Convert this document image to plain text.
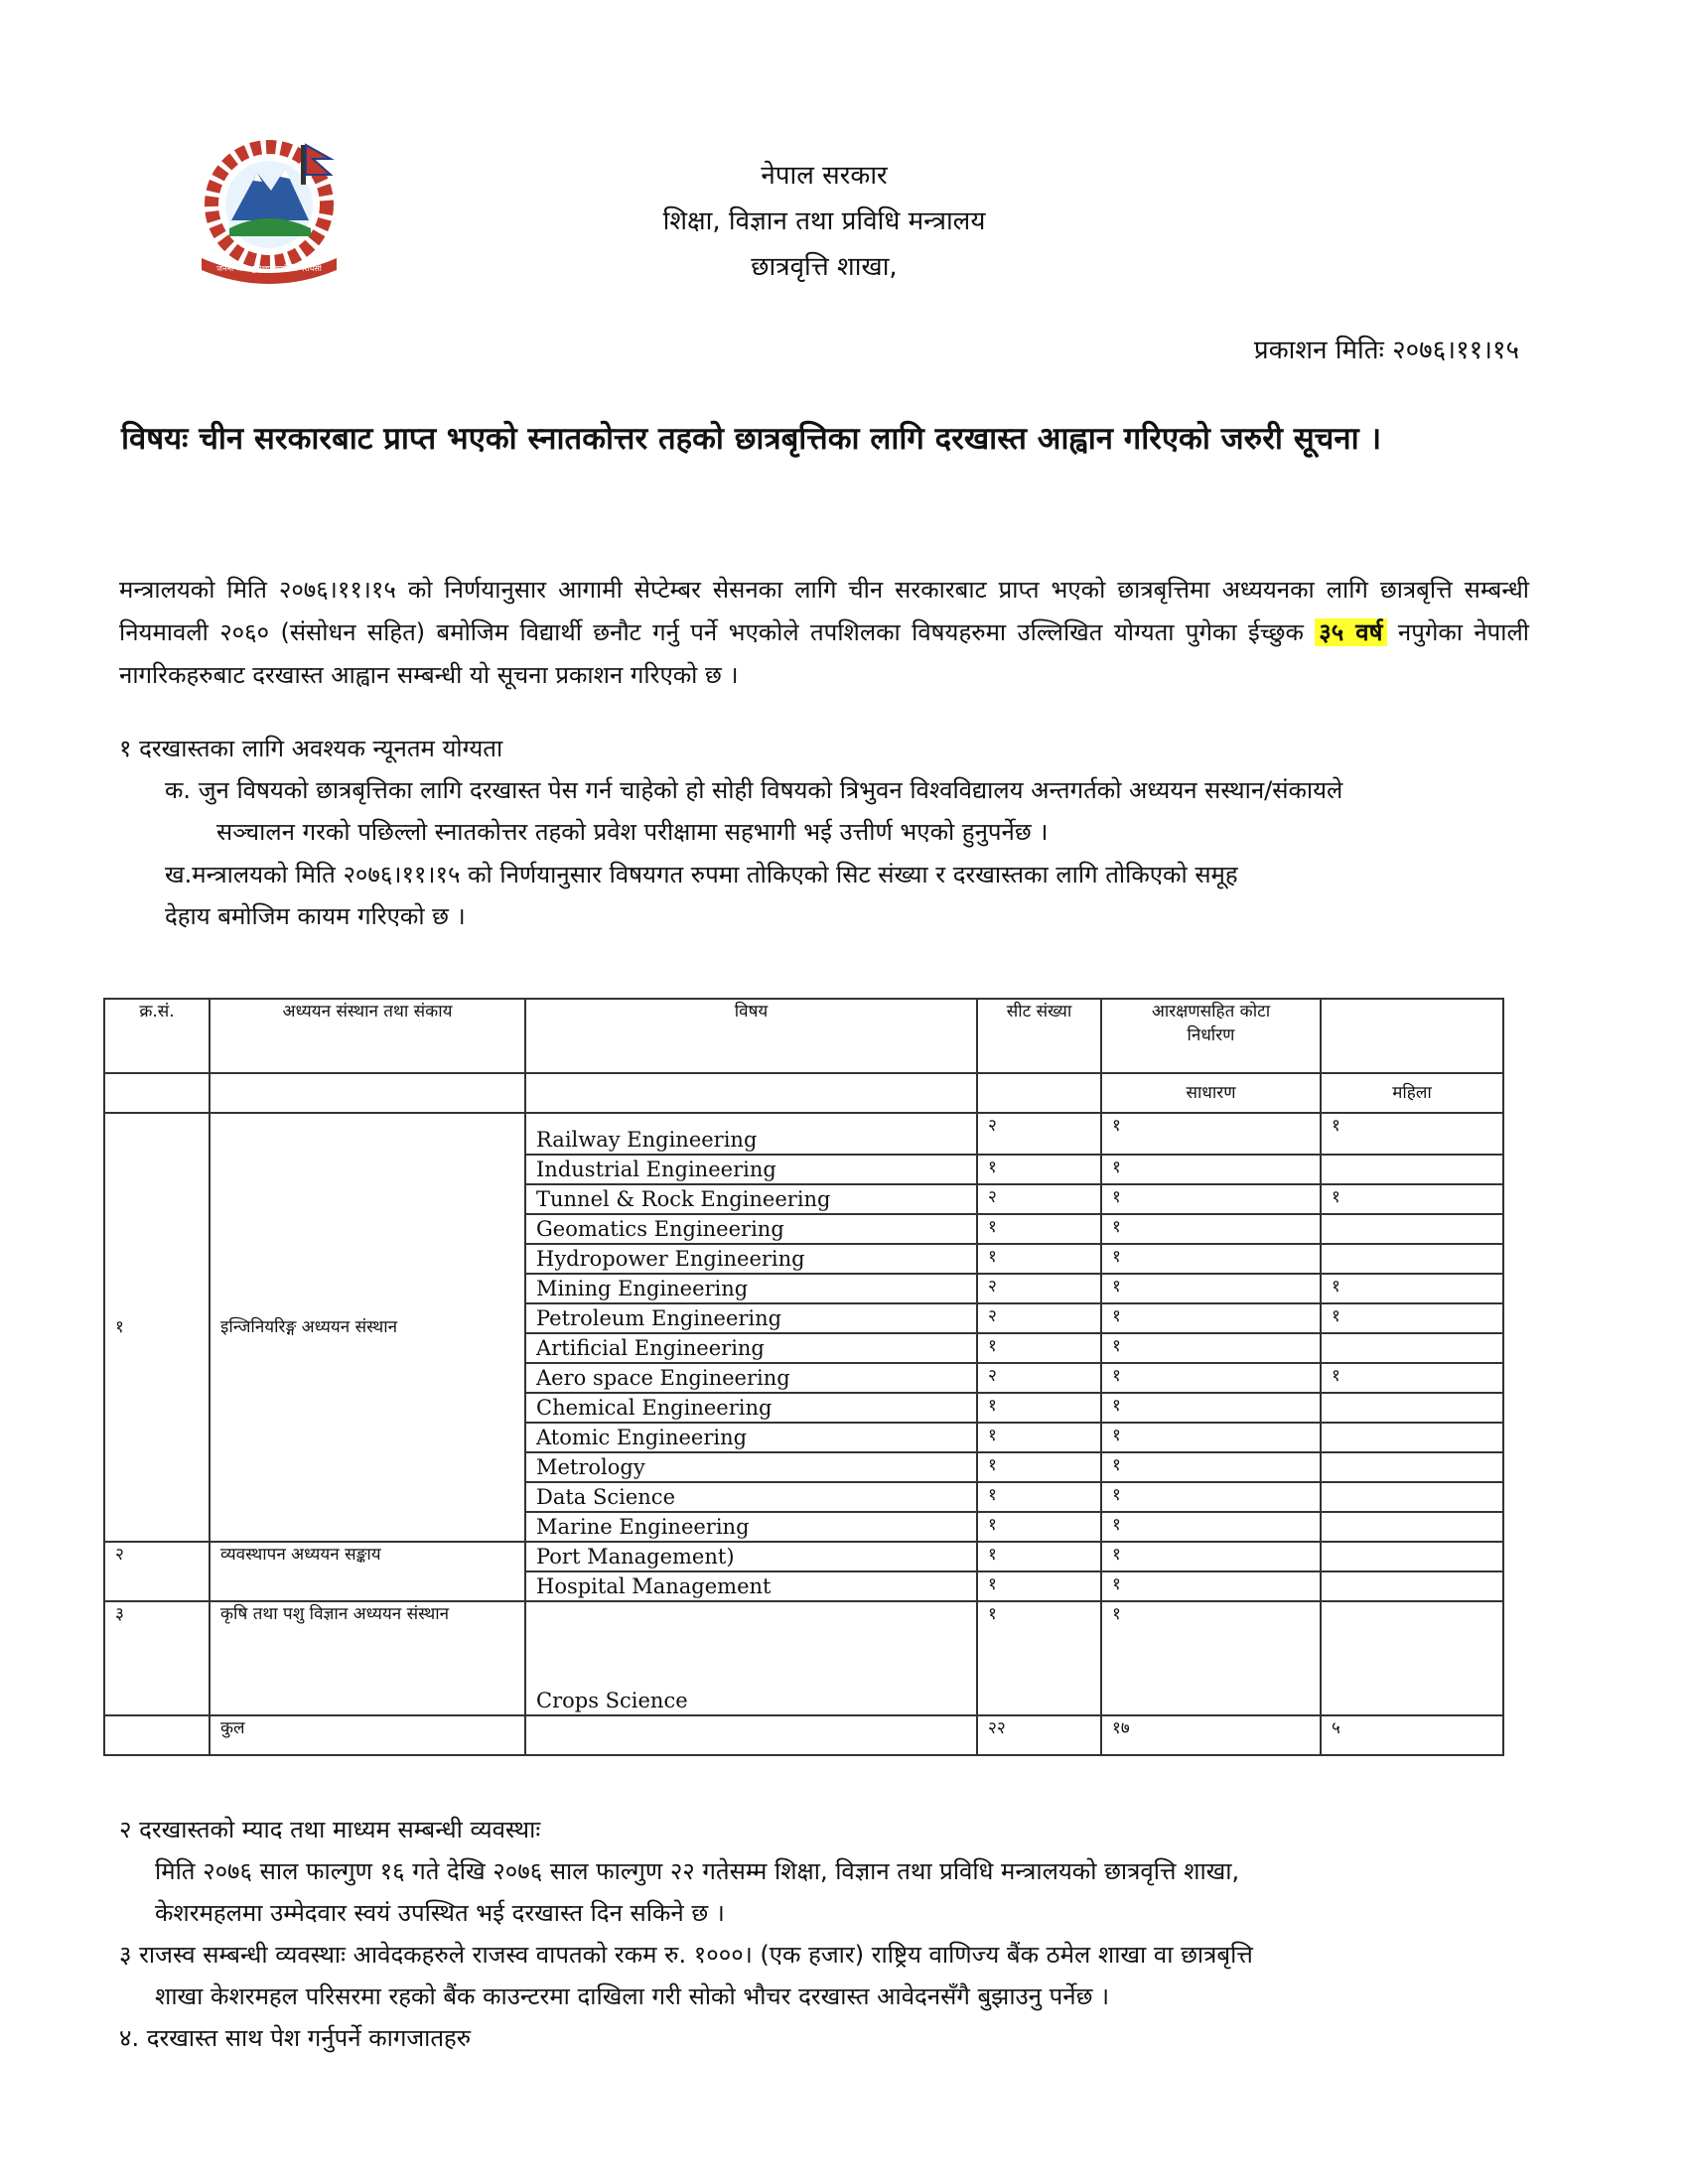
जननी जन्मभूमिश्च स्वर्गादपि गरीयसी
नेपाल सरकार
शिक्षा, विज्ञान तथा प्रविधि मन्त्रालय
छात्रवृत्ति शाखा,
प्रकाशन मितिः २०७६।११।१५
विषयः चीन सरकारबाट प्राप्त भएको स्नातकोत्तर तहको छात्रबृत्तिका लागि दरखास्त आह्वान गरिएको जरुरी सूचना ।
मन्त्रालयको मिति २०७६।११।१५ को निर्णयानुसार आगामी सेप्टेम्बर सेसनका लागि चीन सरकारबाट प्राप्त भएको छात्रबृत्तिमा अध्ययनका लागि छात्रबृत्ति सम्बन्धी नियमावली २०६० (संसोधन सहित) बमोजिम विद्यार्थी छनौट गर्नु पर्ने भएकोले तपशिलका विषयहरुमा उल्लिखित योग्यता पुगेका ईच्छुक ३५ वर्ष नपुगेका नेपाली नागरिकहरुबाट दरखास्त आह्वान सम्बन्धी यो सूचना प्रकाशन गरिएको छ ।
१ दरखास्तका लागि अवश्यक न्यूनतम योग्यता
क. जुन विषयको छात्रबृत्तिका लागि दरखास्त पेस गर्न चाहेको हो सोही विषयको त्रिभुवन विश्वविद्यालय अन्तगर्तको अध्ययन सस्थान/संकायले
सञ्चालन गरको पछिल्लो स्नातकोत्तर तहको प्रवेश परीक्षामा सहभागी भई उत्तीर्ण भएको हुनुपर्नेछ ।
ख.मन्त्रालयको मिति २०७६।११।१५ को निर्णयानुसार विषयगत रुपमा तोकिएको सिट संख्या र दरखास्तका लागि तोकिएको समूह
देहाय बमोजिम कायम गरिएको छ ।
क्र.सं.	अध्ययन संस्थान तथा संकाय	विषय	सीट संख्या	आरक्षणसहित कोटा निर्धारण	
				साधारण	महिला
१	इन्जिनियरिङ्ग अध्ययन संस्थान	Railway Engineering	२	१	१
		Industrial Engineering	१	१	
		Tunnel & Rock Engineering	२	१	१
		Geomatics Engineering	१	१	
		Hydropower Engineering	१	१	
		Mining Engineering	२	१	१
		Petroleum Engineering	२	१	१
		Artificial Engineering	१	१	
		Aero space Engineering	२	१	१
		Chemical Engineering	१	१	
		Atomic Engineering	१	१	
		Metrology	१	१	
		Data Science	१	१	
		Marine Engineering	१	१	
२	व्यवस्थापन अध्ययन सङ्काय	Port Management)	१	१	
		Hospital Management	१	१	
३	कृषि तथा पशु विज्ञान अध्ययन संस्थान	Crops Science	१	१	
	कुल		२२	१७	५
२ दरखास्तको म्याद तथा माध्यम सम्बन्धी व्यवस्थाः
मिति २०७६ साल फाल्गुण १६ गते देखि २०७६ साल फाल्गुण २२ गतेसम्म शिक्षा, विज्ञान तथा प्रविधि मन्त्रालयको छात्रवृत्ति शाखा,
केशरमहलमा उम्मेदवार स्वयं उपस्थित भई दरखास्त दिन सकिने छ ।
३ राजस्व सम्बन्धी व्यवस्थाः आवेदकहरुले राजस्व वापतको रकम रु. १०००। (एक हजार) राष्ट्रिय वाणिज्य बैंक ठमेल शाखा वा छात्रबृत्ति
शाखा केशरमहल परिसरमा रहको बैंक काउन्टरमा दाखिला गरी सोको भौचर दरखास्त आवेदनसँगै बुझाउनु पर्नेछ ।
४. दरखास्त साथ पेश गर्नुपर्ने कागजातहरु
